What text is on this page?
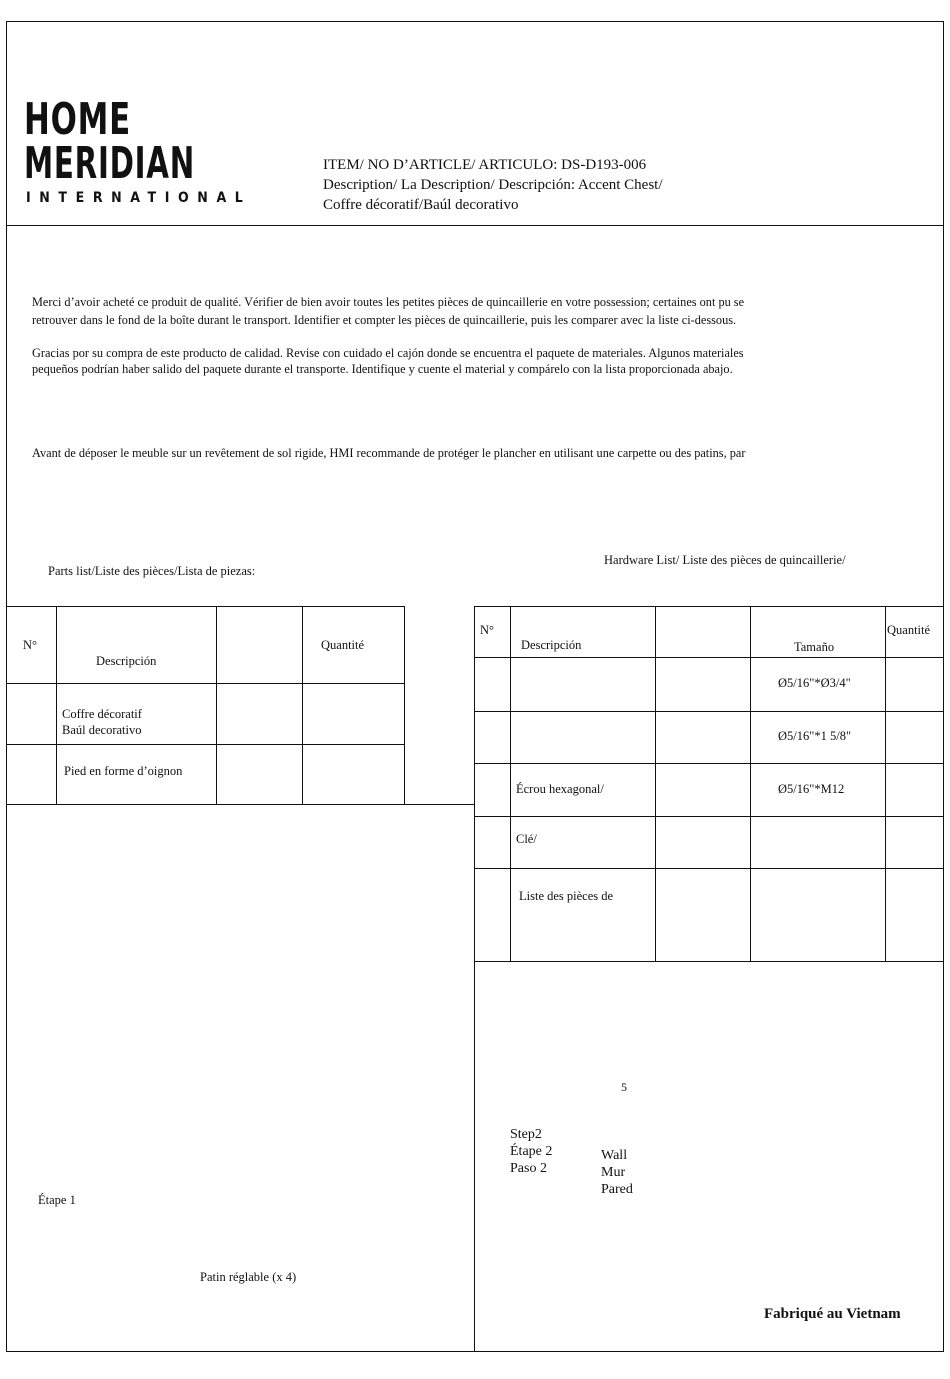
HOME
MERIDIAN
INTERNATIONAL
ITEM/ NO D’ARTICLE/ ARTICULO: DS-D193-006
Description/ La Description/ Descripción: Accent Chest/
Coffre décoratif/Baúl decorativo
Merci d’avoir acheté ce produit de qualité. Vérifier de bien avoir toutes les petites pièces de quincaillerie en votre possession; certaines ont pu se
retrouver dans le fond de la boîte durant le transport. Identifier et compter les pièces de quincaillerie, puis les comparer avec la liste ci-dessous.
Gracias por su compra de este producto de calidad. Revise con cuidado el cajón donde se encuentra el paquete de materiales. Algunos materiales
pequeños podrían haber salido del paquete durante el transporte. Identifique y cuente el material y compárelo con la lista proporcionada abajo.
Avant de déposer le meuble sur un revêtement de sol rigide, HMI recommande de protéger le plancher en utilisant une carpette ou des patins, par
Parts list/Liste des pièces/Lista de piezas:
Hardware List/ Liste des pièces de quincaillerie/
N°
Descripción
Quantité
Coffre décoratif
Baúl decorativo
Pied en forme d’oignon
N°
Descripción	Tamaño
Quantité
Ø5/16"*Ø3/4"
Ø5/16"*1 5/8"
Écrou hexagonal/	Ø5/16"*M12
Clé/
Liste des pièces de
Étape 1
Patin réglable (x 4)
5
Step2
Étape 2
Paso 2
Wall
Mur
Pared
Fabriqué au Vietnam
